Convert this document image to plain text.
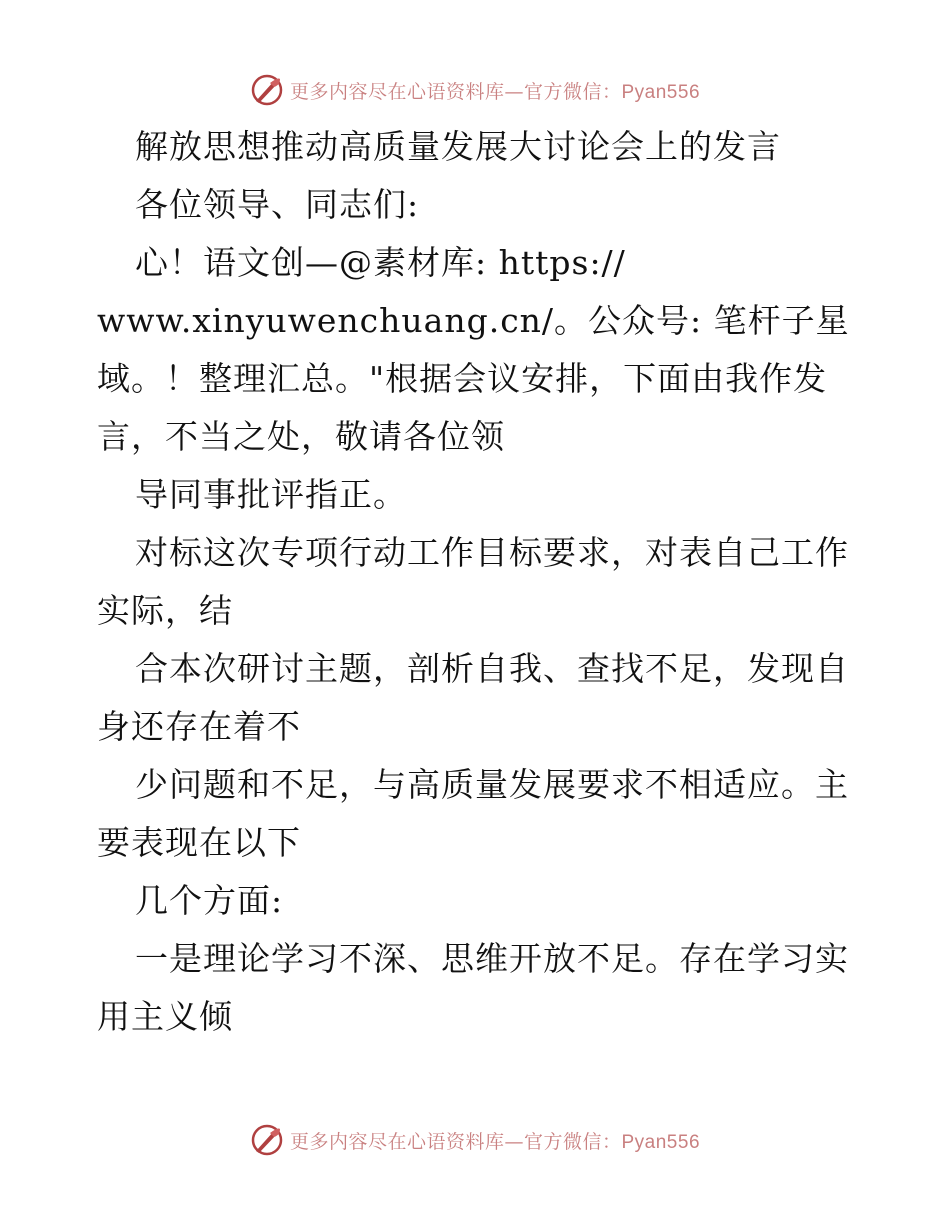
更多内容尽在心语资料库—官方微信：Pyan556
解放思想推动高质量发展大讨论会上的发言
各位领导、同志们:
心！语文创—@素材库: https://
www.xinyuwenchuang.cn/。公众号: 笔杆子星
域。！整理汇总。"根据会议安排，下面由我作发
言，不当之处，敬请各位领
导同事批评指正。
对标这次专项行动工作目标要求，对表自己工作
实际，结
合本次研讨主题，剖析自我、查找不足，发现自
身还存在着不
少问题和不足，与高质量发展要求不相适应。主
要表现在以下
几个方面:
一是理论学习不深、思维开放不足。存在学习实
用主义倾
更多内容尽在心语资料库—官方微信：Pyan556
